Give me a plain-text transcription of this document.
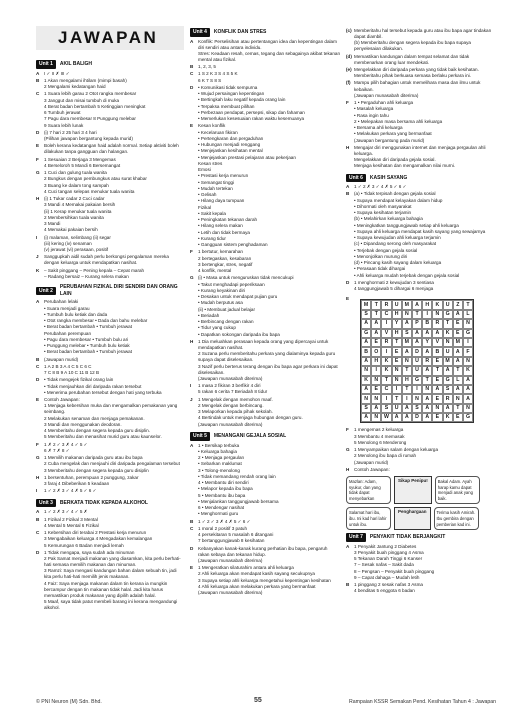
JAWAPAN
Unit 1	AKIL BALIGH
A	I ✓ II ✗ III ✓
B	1 Akan mengalami ihtilam (mimpi basah)
2 Mengalami kedatangan haid
C	1 Suara lebih garau 2 Otot rangka membesar
3 Janggut dan misai tumbuh di muka
4 Berat badan bertambah 5 Ketinggian meningkat
6 Tumbuh jerawat
7 Pagu dara membesar 8 Punggung melebar
9 Suara lebih lunak
D	(i) 7 hari 2 25 hari 3 4 hari
(Pilihan jawapan bergantung kepada murid)
E	Boleh kerana kedatangan haid adalah normal. Setiap aktiviti boleh dilakukan tanpa gangguan dan halangan.
F	1 Sesuaian 2 Berjaga 3 Mengemas
4 Berseloroh 5 Mandi 6 Bersemangat
G 1 Cuci dan gulung tuala wanita
2 Bungkus dengan pembungkus atau surat khabar
3 Buang ke dalam tong sampah
4 Cuci tangan selepas menukar tuala wanita
H	(i) 1 Tukar cadar 2 Cuci cadar
3 Mandi 4 Memakai pakaian bersih
(ii) 1 Kerap menukar tuala wanita
2 Membersihkan tuala wanita
3 Mandi
4 Memakai pakaian bersih
I	(i) malaman, selimbang (ii) segar
(iii) kering (iv) senaman
(v) jerawat (vi) perasaan, positif
J	Sanggupkah aidil sudah perlu berkongsi pengalaman mereka dengan keluarga untuk mendapatkan nasihat.
K	– Sakit pinggang – Pening kepala – Cepat marah
– Radang bersaiz – Kurang selera makan
Unit 2
PERUBAHAN FIZIKAL DIRI SENDIRI DAN ORANG LAIN
A	Perubahan lelaki
• Suara menjadi garau
• Tumbuh bulu ketiak dan dada
• Otot rangka membesar • Dada dan bahu melebar
• Berat badan bertambah • Tumbuh jerawat
Perubahan perempuan
• Pagu dara membesar • Tumbuh bulu ari
• Punggung melebar • Tumbuh bulu ketiak
• Berat badan bertambah • Tumbuh jerawat
B	(Jawapan murid)
C	1 A 2 B 3 A 4 C 5 C 6 C
7 C 8 B 9 A 10 C 11 B 12 B
D	• Tidak mengejek fizikal orang lain
• Tidak menjauhkan diri daripada rakan tersebut
• Menerima perubahan tersebut dengan hati yang terbuka
E	Contoh Jawapan:
1 Menjaga kebersihan muka dan mengamalkan pemakanan yang seimbang.
2 Melakukan senaman dan menjaga pemakanan.
3 Mandi dan menggunakan deodoran.
4 Memberitahu dengan segera kepada guru disiplin.
5 Memberitahu dan menasihat murid guru atau kaunselor.
F	1 ✗ 2 ✓ 3 ✗ 4 ✓ 5 ✓
6 ✗ 7 ✗ 8 ✓
G 1 Memilih makanan daripada guru atau ibu bapa
2 Cuba mengelak dan menjauhi diri daripada pengalaman tersebut
3 Memberitahu dengan segera kepada guru disiplin
H	1 bersentuhan, perempuan 2 punggung, zakar
3 faraj 4 Dibeberikan 5 keadaan
I	1 ✓ 2 ✗ 3 ✓ 4 ✗ 5 ✓ 6 ✓
Unit 3	BERKATA TIDAK KEPADA ALKOHOL
A	1 ✓ 2 ✗ 3 ✓ 4 ✓ 5 ✗
B	1 Fizikal 2 Fizikal 3 Mental
4 Mental 5 Mental 6 Fizikal
C	1 Kebersihan diri terabai 2 Prestasi kerja menurun
3 Mengabaikan keluarga 4 Mengadakan kemalangan
5 Kemurungan 6 Badan menjadi lemah
D	1 Tidak mengapa, saya sudah ada minuman
2 Pak Samat menjadi makanan yang diasamkan, kita perlu berhati-hati semasa memilih makanan dan minuman.
3 Ramzi: Saya mengasi kandungan bahan dalam sebuah tin, jadi kita perlu hati-hati memilih jenis makanan.
4 Faiz: Saya menjaga makanan dalam tin kerana ia mungkin bercampur dengan tin makanan tidak halal. Jadi kita harus memastikan produk makanan yang dipilih adalah halal.
5 Maaf, saya tidak patut membeli barang ini kerana mengandungi alkohol.
Unit 4	KONFLIK DAN STRES
A	Konflik: Perselisihan atau pertentangan idea dan kepentingan dalam diri sendiri atau antara individu.
Stres: Keadaan resah, cemas, tegang dan sebagainya akibat tekanan mental atau fizikal.
B	1, 2, 3, 5
C	1 S 2 K 3 S 4 S 5 K
6 K 7 S 8 S
D	• Komunikasi tidak sempurna
• Wujud persaingan kepentingan
• Bertingkah laku negatif kepada orang lain
• Terpaksa membuat pilihan
• Perbezaan pendapat, persepsi, sikap dan fahaman
• Memerlukan kesesuaian rakan waktu kesemuanya
E	Kesan konflik
• Kecelaruan fikiran
• Pertengkaran dan pergaduhan
• Hubungan menjadi renggang
• Menjejaskan kesihatan mental
• Menjejaskan prestasi pelajaran atau pekerjaan
Kesan stres
Emosi
• Prestasi kerja menurun
• Semangat tinggi
• Mudah tertekan
• Gelisah
• Hilang daya tumpuan
Fizikal
• Sakit kepala
• Peningkatan tekanan darah
• Hilang selera makan
• Letih dan tidak bermaya
• Kurang tidur
• Gangguan sistem penghadaman
F	1 bertutur, kemarahan
2 bertegaskan, kesabaran
3 bertengkar, stres, negatif
4 konflik, mental
G (i) • Masa untuk menguruskan tidak mencukupi
• Takut menghadapi peperiksaan
• Kurang keyakinan diri
• Desakan untuk mendapat pujian guru
• Mudah berputus asa
(ii) • Membuat jadual belajar
• Beriadah
• Berbincang dengan rakan
• Tidur yang cukup
• Dapatkan sokongan daripada ibu bapa
H	1 Dia meluahkan perasaan kepada orang yang dipercayai untuk mendapatkan nasihat.
2 Suzana perlu memberitahu perkara yang dialaminya kepada guru supaya dapat diselesaikan.
3 Nazif perlu berterus terang dengan ibu bapa agar perkara ini dapat diselesaikan.
(Jawapan munasabah diterima)
I	1 masa 2 fikiran 3 berfikir 4 diri
5 rakan 6 cerita 7 Beriadah 8 tidur
J	1 Mengelak dengan memohon maaf.
2 Mengelak dengan berbincang.
3 Melaporkan kepada pihak sekolah.
4 Bertindak untuk menjaga hubungan dengan guru.
(Jawapan munasabah diterima)
Unit 5	MENANGANI GEJALA SOSIAL
A	1 • Bersikap terbuka
• Keluarga bahagia
2 • Menjaga pergaulan
• Sebarkan maklumat
3 • Tolong-menolong
• Tidak memandang rendah orang lain
4 • Membantu diri sendiri
• Melapor kepada ibu bapa
5 • Membantu ibu bapa
• Menjalankan tanggungjawab bersama
6 • Mendengar nasihat
• Menghormati guru
B	1 ✓ 2 ✓ 3 ✗ 4 ✗ 5 ✓ 6 ✓
C	1 moral 2 positif 3 patuh
4 persekitaran 5 masalah 6 ditangani
7 bertanggungjawab 8 kesihatan
D	Kebanyakan kanak-kanak kurang perhatian ibu bapa, pengaruh rakan sebaya dan tekanan hidup.
(Jawapan munasabah diterima)
E	1 Mengeratkan silaturahim antara ahli keluarga
2 Ahli keluarga akan mendapat kasih sayang secukupnya
3 Supaya setiap ahli keluarga mengetahui kepentingan kesihatan
4 Ahli keluarga akan melakukan perkara yang bermanfaat
(Jawapan munasabah diterima)
(c) Memberitahu hal tersebut kepada guru atau ibu bapa agar tindakan dapat diambil.
(b) Memberitahu dengan segera kepada ibu bapa supaya penyelesaian dilakukan.
(d) Memastikan kandungan dalam tempat selamat dan tidak membenarkan orang luar mendekati.
(e) Mengelakkan diri daripada perkara yang tidak baik kesihatan.
Memberitahu pihak berkuasa semasa berlaku perkara ini.
(f) Mampu pilih bahagian untuk memelihara masa dan ilmu untuk kebaikan.
(Jawapan munasabah diterima)
F	1 • Pergaduhan ahli keluarga
• Masalah keluarga
• Rasa ingin tahu
2 • Melepakan masa bersama ahli keluarga
• Bersama ahli keluarga
• Melakukan perkara yang bermanfaat
(Jawapan bergantung pada murid)
H	Mengajar diri menggunakan internet dan menjaga pergaulan ahli keluarga.
Mengelakkan diri daripada gejala sosial.
Menjaga kesihatan dan mengamalkan nilai murni.
Unit 6	KASIH SAYANG
A	1 ✓ 2 ✗ 3 ✓ 4 ✗ 5 ✓ 6 ✓
B	(a) • Tidak terpisah dengan gejala sosial
• Supaya mendapat kelayakan dalam hidup
• Dihormati oleh masyarakat
• Supaya kesihatan terjamin
(b) • Melahirkan keluarga bahagia
• Meningkatkan tanggungjawab setiap ahli keluarga
• Supaya ahli keluarga mendapat kasih sayang yang sewajarnya
• Supaya kewujudan ahli keluarga terjamin
(c) • Dipandang serong oleh masyarakat
• Terjebak dengan gejala sosial
• Menonjolkan murung diri
(d) • Pincang kasih sayang dalam keluarga
• Perasaan tidak dihargai
• Ahli keluarga mudah terjebak dengan gejala sosial
D	1 menghormati 2 kewujudan 3 sentiasa
4 tanggungjawab 5 dihargai 6 menjaga
E
M	T	R	U	M	A	H	K	U	Z	T
S	T	C	H	N	T	I	N	G	A	L
A	A	I	Y	A	P	B	R	T	E	N
G	A	V	H	S	A	A	A	K	E	G
A	E	R	T	M	A	Y	V	N	M	I
B	O	I	E	A	D	A	B	U	A	F
A	H	K	E	N	U	R	E	M	A	N
N	I	K	N	T	U	A	T	A	T	K
K	N	T	N	H	G	T	E	G	L	A
A	E	C	I	T	I	N	A	S	A	A
N	N	I	T	I	N	A	E	R	N	A
S	A	S	U	A	S	A	N	A	T	N
A	N	W	A	A	D	A	E	K	E	G
F	1 mengemas 2 keluarga
3 Membantu 4 memasak
5 Menolong 6 Menderong
G 1 Menyampaikan salam dengan keluarga
2 Menolong ibu bapa di rumah
(Jawapan murid)
H	Contoh Jawapan:
Mazlan: Adam, syukur, dan yang tidak dapat menyebarkan
Sikap Penipu!	Bakal Adam. Ayah harap kamu dapat menjadi anak yang baik.
Salamat hari ibu, ibu. Ini kad hari lahir untuk ibu.
Penghargaan	Terima kasih Amirah. Ibu gembira dengan pemberian kad ini.
Unit 7	PENYAKIT TIDAK BERJANGKIT
A	1 Penyakit Jantung 2 Diabetes
3 Penyakit buah pinggang 4 Asma
5 Tekanan Darah Tinggi 6 Kanser
7 – Sesak nafas – Sakit dada
8 – Pengsan – Penyakit buah pinggang
9 – Capat dahaga – Mudah letih
B	1 pinggang 2 sesak nafas 3 Asma
4 benditas 5 enggota 6 badan
© PNI Neuron (M) Sdn. Bhd.	55	Rampaian KSSR Semakan Pend. Kesihatan Tahun 4 : Jawapan
